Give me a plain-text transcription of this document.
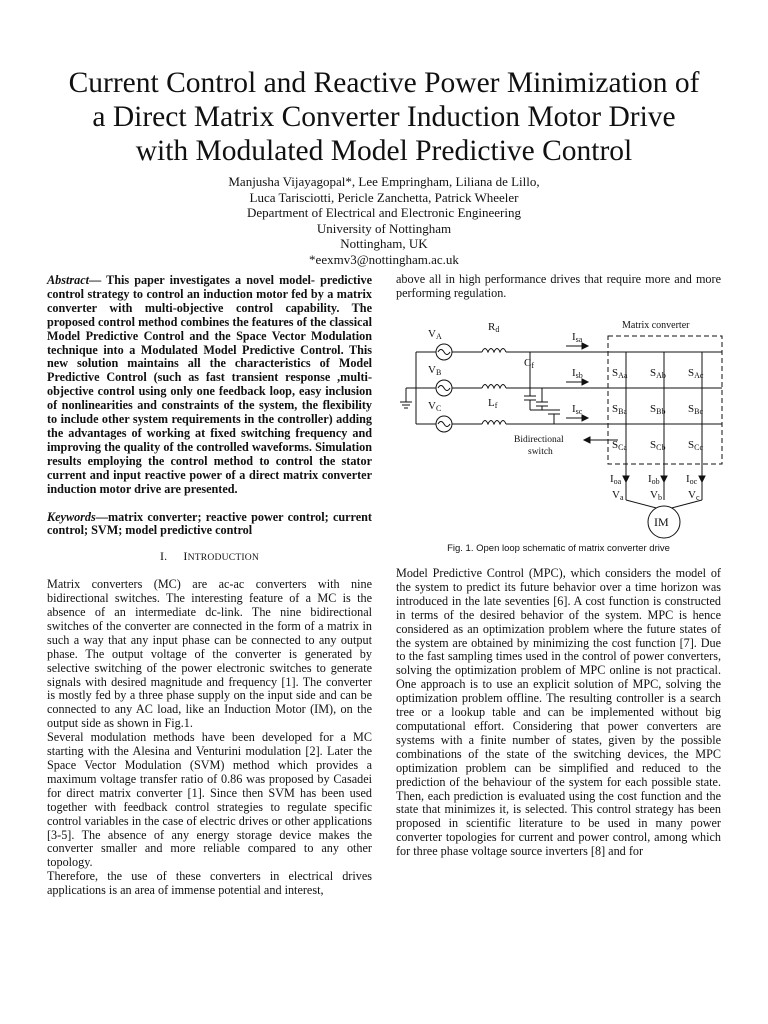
Current Control and Reactive Power Minimization of
a Direct Matrix Converter Induction Motor Drive
with Modulated Model Predictive Control
Manjusha Vijayagopal*, Lee Empringham, Liliana de Lillo,
Luca Tarisciotti, Pericle Zanchetta, Patrick Wheeler
Department of Electrical and Electronic Engineering
University of Nottingham
Nottingham, UK
*eexmv3@nottingham.ac.uk

Abstract— This paper investigates a novel model- predictive control strategy to control an induction motor fed by a matrix converter with multi-objective control capability. The proposed control method combines the features of the classical Model Predictive Control and the Space Vector Modulation technique into a Modulated Model Predictive Control. This new solution maintains all the characteristics of Model Predictive Control (such as fast transient response ,multi-objective control using only one feedback loop, easy inclusion of nonlinearities and constraints of the system, the flexibility to include other system requirements in the controller) adding the advantages of working at fixed switching frequency and improving the quality of the controlled waveforms. Simulation results employing the control method to control the stator current and input reactive power of a direct matrix converter induction motor drive are presented.

Keywords—matrix converter; reactive power control; current control; SVM; model predictive control

I. INTRODUCTION

Matrix converters (MC) are ac-ac converters with nine bidirectional switches. The interesting feature of a MC is the absence of an intermediate dc-link. The nine bidirectional switches of the converter are connected in the form of a matrix in such a way that any input phase can be connected to any output phase. The output voltage of the converter is generated by selective switching of the power electronic switches to generate signals with desired magnitude and frequency [1]. The converter is mostly fed by a three phase supply on the input side and can be connected to any AC load, like an Induction Motor (IM), on the output side as shown in Fig.1.

Several modulation methods have been developed for a MC starting with the Alesina and Venturini modulation [2]. Later the Space Vector Modulation (SVM) method which provides a maximum voltage transfer ratio of 0.86 was proposed by Casadei for direct matrix converter [1]. Since then SVM has been used together with feedback control strategies to regulate specific control variables in the case of electric drives or other applications [3-5]. The absence of any energy storage device makes the converter smaller and more reliable compared to any other topology.

Therefore, the use of these converters in electrical drives applications is an area of immense potential and interest,

above all in high performance drives that require more and more performing regulation.

Matrix converter
VA
VB
VC
Rd
Lf
Cf
Isa
Isb
Isc
SAa SAb SAc
SBa SBb SBc
SCa SCb SCc
Bidirectional
switch
Ioa Iob Ioc
Va Vb Vc
IM
Fig. 1. Open loop schematic of matrix converter drive

Model Predictive Control (MPC), which considers the model of the system to predict its future behavior over a time horizon was introduced in the late seventies [6]. A cost function is constructed in terms of the desired behavior of the system. MPC is hence considered as an optimization problem where the future states of the system are obtained by minimizing the cost function [7]. Due to the fast sampling times used in the control of power converters, solving the optimization problem of MPC online is not practical. One approach is to use an explicit solution of MPC, solving the optimization problem offline. The resulting controller is a search tree or a lookup table and can be implemented without big computational effort. Considering that power converters are systems with a finite number of states, given by the possible combinations of the state of the switching devices, the MPC optimization problem can be simplified and reduced to the prediction of the behaviour of the system for each possible state. Then, each prediction is evaluated using the cost function and the state that minimizes it, is selected. This control strategy has been proposed in scientific literature to be used in many power converter topologies for current and power control, among which for three phase voltage source inverters [8] and for
